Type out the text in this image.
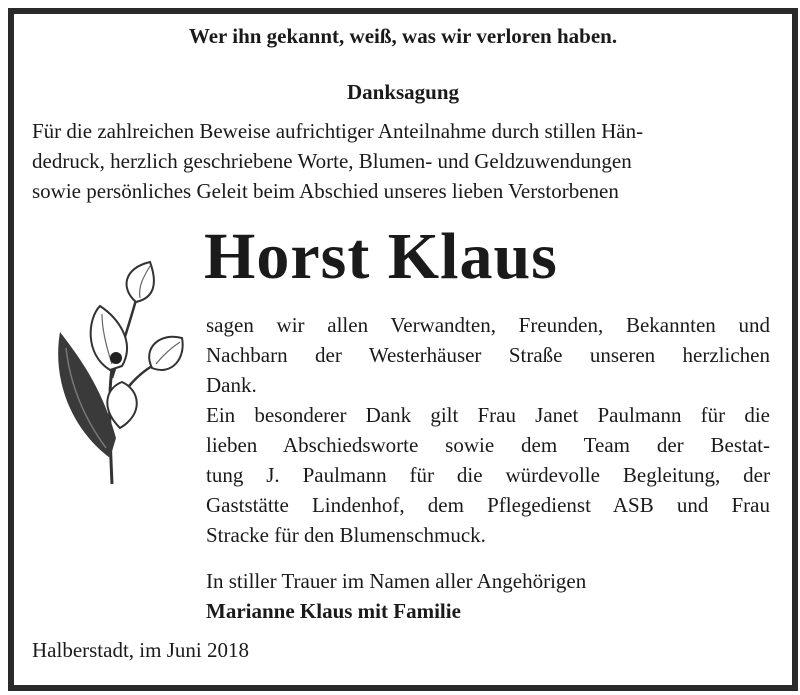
Wer ihn gekannt, weiß, was wir verloren haben.
Danksagung
Für die zahlreichen Beweise aufrichtiger Anteilnahme durch stillen Hän-
dedruck, herzlich geschriebene Worte, Blumen- und Geldzuwendungen
sowie persönliches Geleit beim Abschied unseres lieben Verstorbenen
Horst Klaus
sagen wir allen Verwandten, Freunden, Bekannten und
Nachbarn der Westerhäuser Straße unseren herzlichen
Dank.
Ein besonderer Dank gilt Frau Janet Paulmann für die
lieben Abschiedsworte sowie dem Team der Bestat-
tung J. Paulmann für die würdevolle Begleitung, der
Gaststätte Lindenhof, dem Pflegedienst ASB und Frau
Stracke für den Blumenschmuck.
In stiller Trauer im Namen aller Angehörigen
Marianne Klaus mit Familie
Halberstadt, im Juni 2018
